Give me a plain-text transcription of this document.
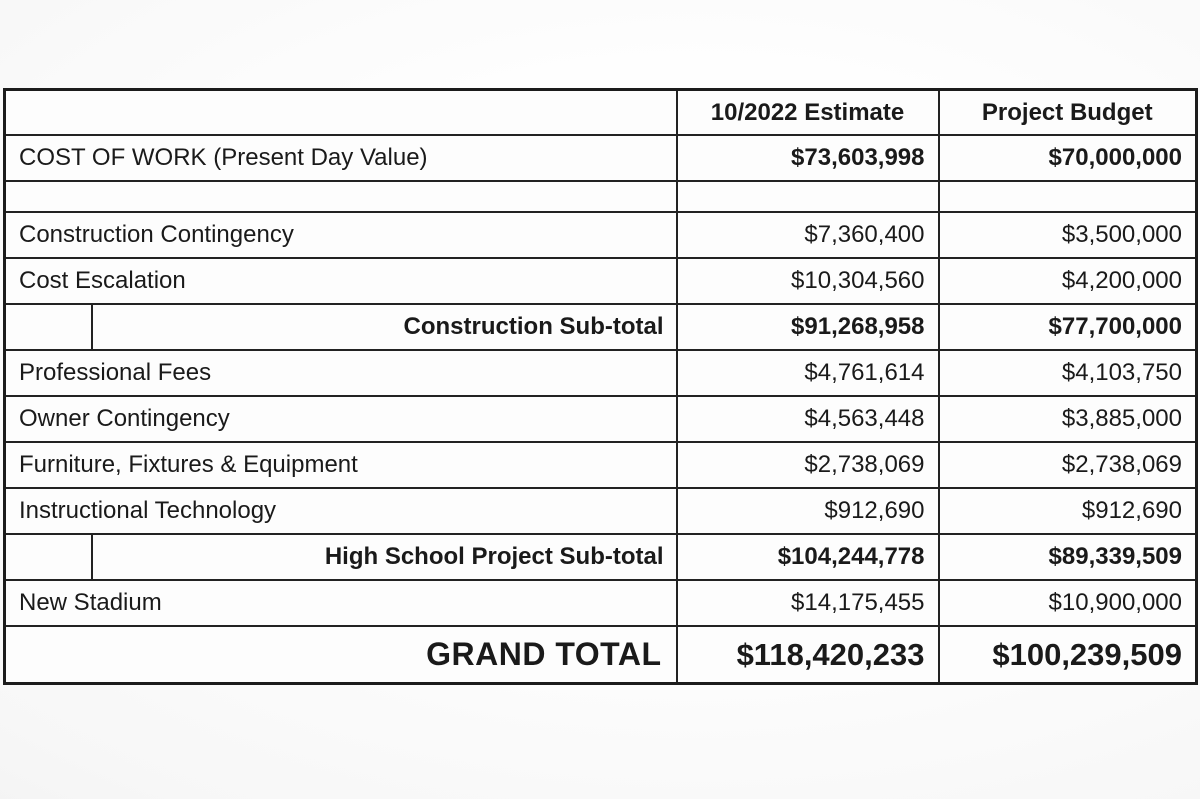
		10/2022 Estimate	Project Budget
COST OF WORK (Present Day Value)		$73,603,998	$70,000,000

Construction Contingency		$7,360,400	$3,500,000
Cost Escalation		$10,304,560	$4,200,000
	Construction Sub-total	$91,268,958	$77,700,000
Professional Fees		$4,761,614	$4,103,750
Owner Contingency		$4,563,448	$3,885,000
Furniture, Fixtures & Equipment		$2,738,069	$2,738,069
Instructional Technology		$912,690	$912,690
	High School Project Sub-total	$104,244,778	$89,339,509
New Stadium		$14,175,455	$10,900,000
GRAND TOTAL		$118,420,233	$100,239,509
